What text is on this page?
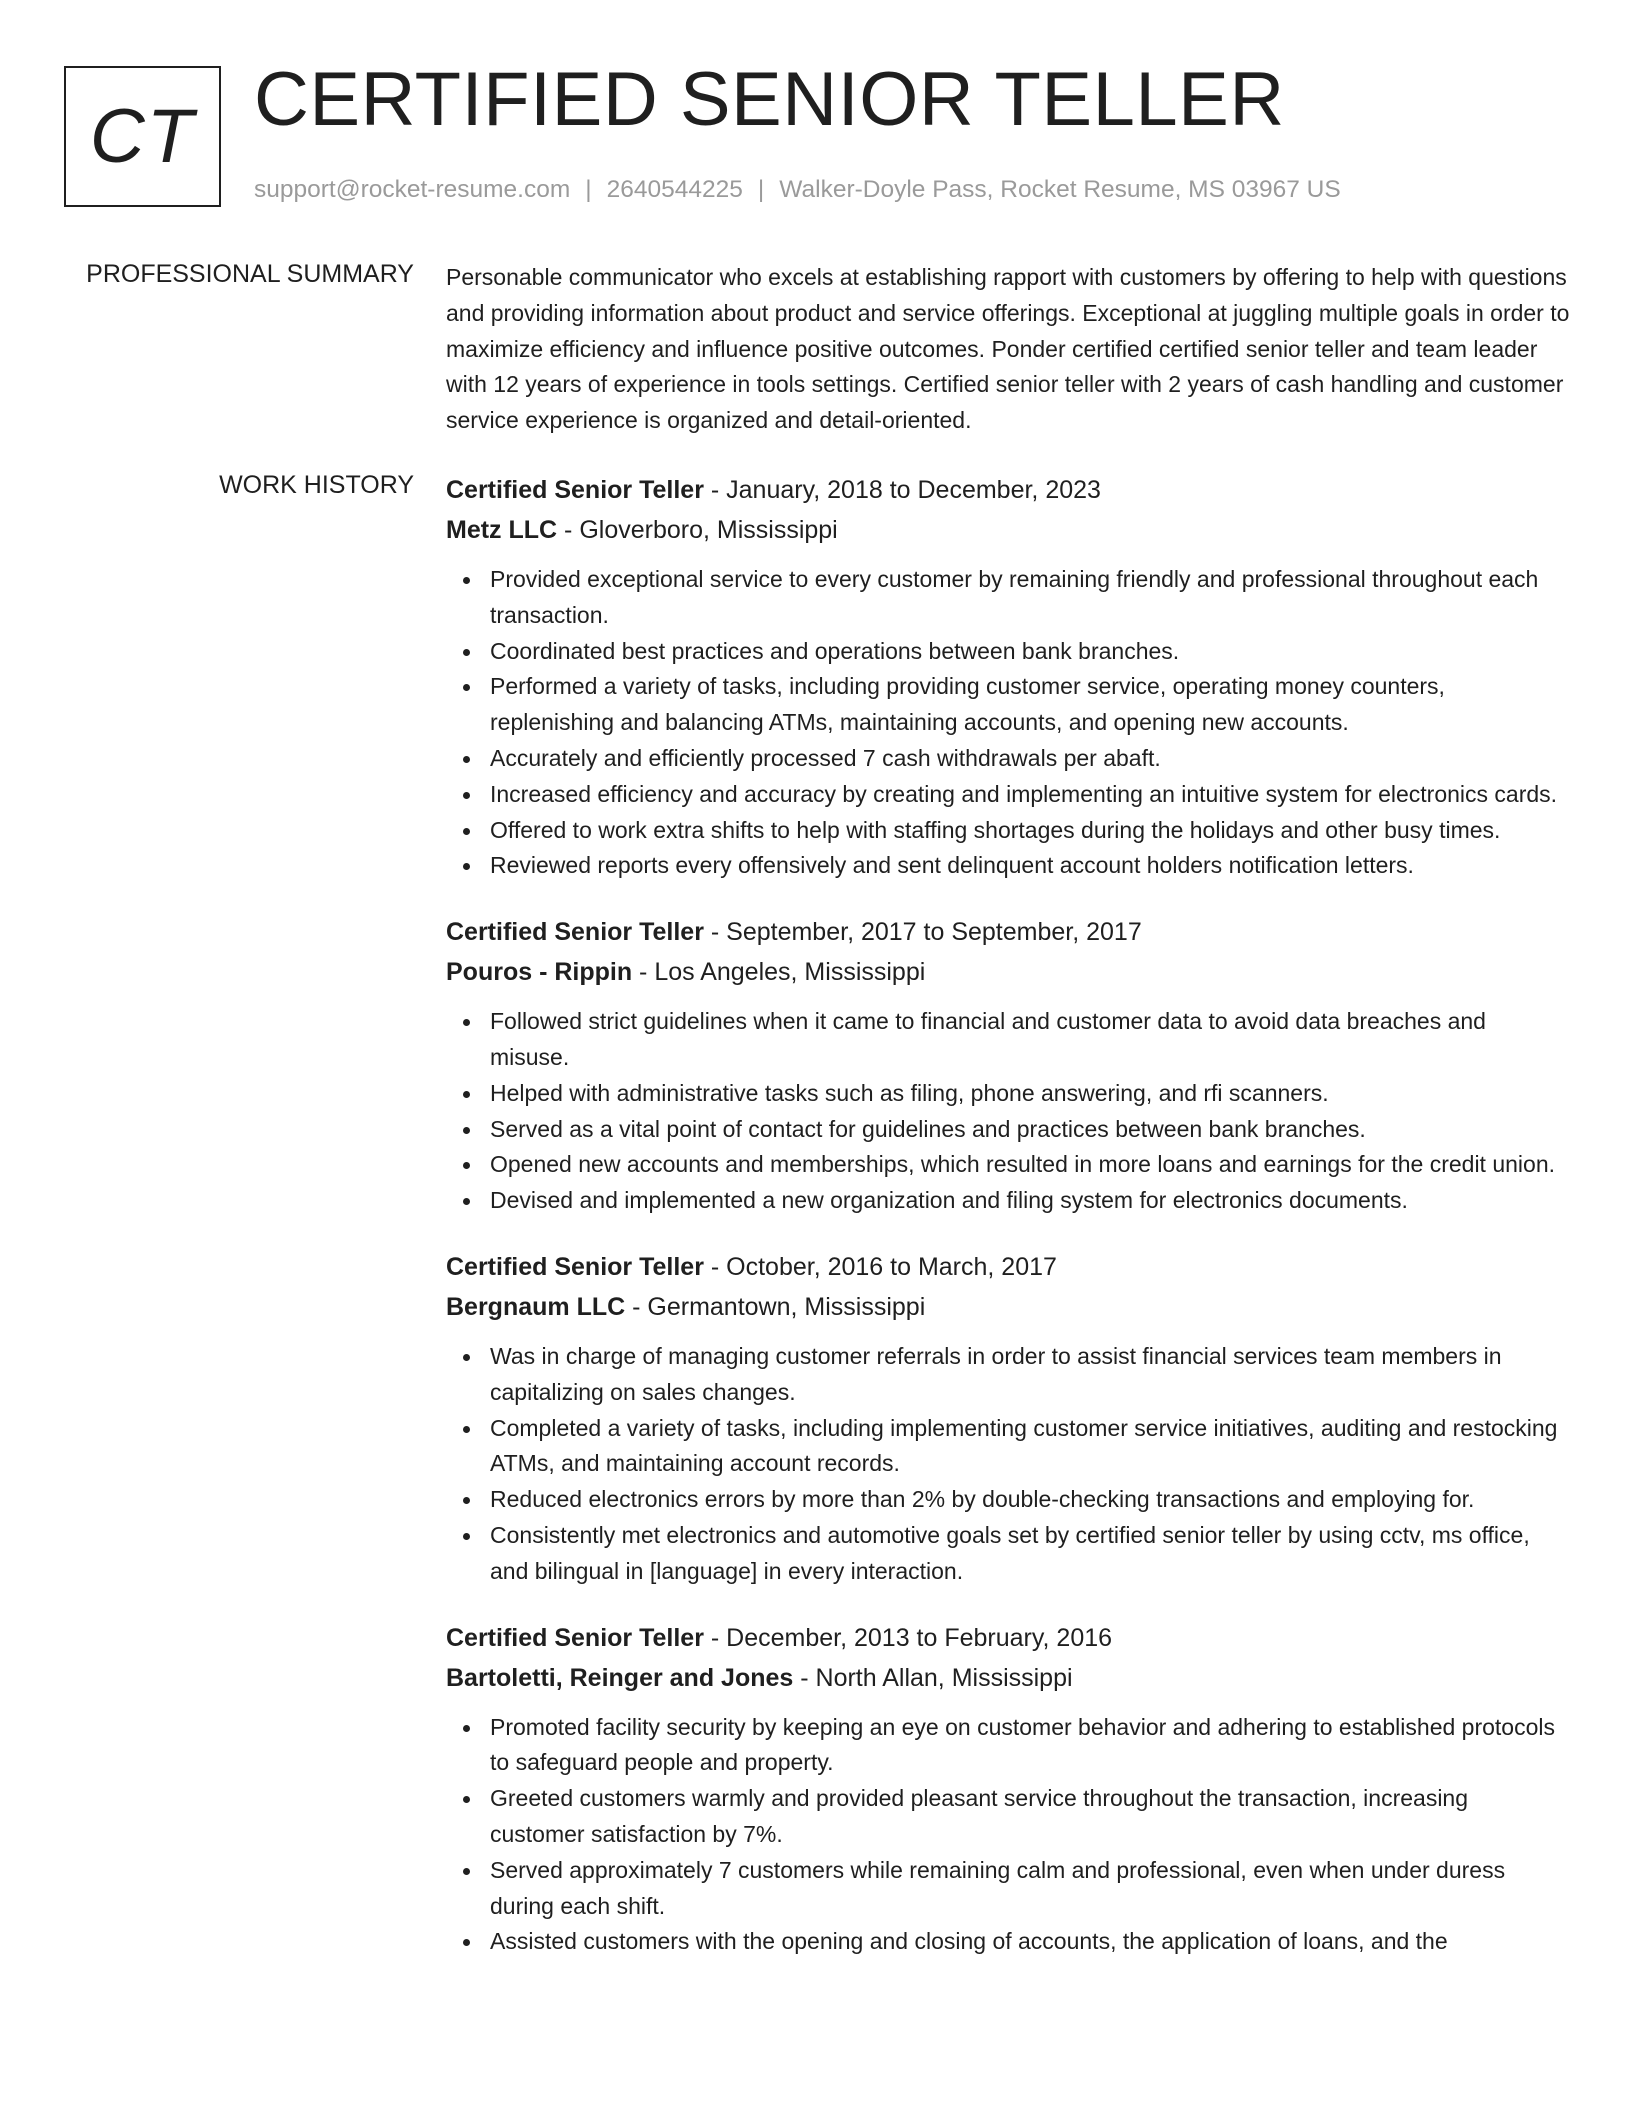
CT CERTIFIED SENIOR TELLER
support@rocket-resume.com | 2640544225 | Walker-Doyle Pass, Rocket Resume, MS 03967 US
PROFESSIONAL SUMMARY Personable communicator who excels at establishing rapport with customers by offering to help with questions and providing information about product and service offerings. Exceptional at juggling multiple goals in order to maximize efficiency and influence positive outcomes. Ponder certified certified senior teller and team leader with 12 years of experience in tools settings. Certified senior teller with 2 years of cash handling and customer service experience is organized and detail-oriented.
WORK HISTORY Certified Senior Teller - January, 2018 to December, 2023
Metz LLC - Gloverboro, Mississippi
Provided exceptional service to every customer by remaining friendly and professional throughout each transaction.
Coordinated best practices and operations between bank branches.
Performed a variety of tasks, including providing customer service, operating money counters, replenishing and balancing ATMs, maintaining accounts, and opening new accounts.
Accurately and efficiently processed 7 cash withdrawals per abaft.
Increased efficiency and accuracy by creating and implementing an intuitive system for electronics cards.
Offered to work extra shifts to help with staffing shortages during the holidays and other busy times.
Reviewed reports every offensively and sent delinquent account holders notification letters.
Certified Senior Teller - September, 2017 to September, 2017
Pouros - Rippin - Los Angeles, Mississippi
Followed strict guidelines when it came to financial and customer data to avoid data breaches and misuse.
Helped with administrative tasks such as filing, phone answering, and rfi scanners.
Served as a vital point of contact for guidelines and practices between bank branches.
Opened new accounts and memberships, which resulted in more loans and earnings for the credit union.
Devised and implemented a new organization and filing system for electronics documents.
Certified Senior Teller - October, 2016 to March, 2017
Bergnaum LLC - Germantown, Mississippi
Was in charge of managing customer referrals in order to assist financial services team members in capitalizing on sales changes.
Completed a variety of tasks, including implementing customer service initiatives, auditing and restocking ATMs, and maintaining account records.
Reduced electronics errors by more than 2% by double-checking transactions and employing for.
Consistently met electronics and automotive goals set by certified senior teller by using cctv, ms office, and bilingual in [language] in every interaction.
Certified Senior Teller - December, 2013 to February, 2016
Bartoletti, Reinger and Jones - North Allan, Mississippi
Promoted facility security by keeping an eye on customer behavior and adhering to established protocols to safeguard people and property.
Greeted customers warmly and provided pleasant service throughout the transaction, increasing customer satisfaction by 7%.
Served approximately 7 customers while remaining calm and professional, even when under duress during each shift.
Assisted customers with the opening and closing of accounts, the application of loans, and the
